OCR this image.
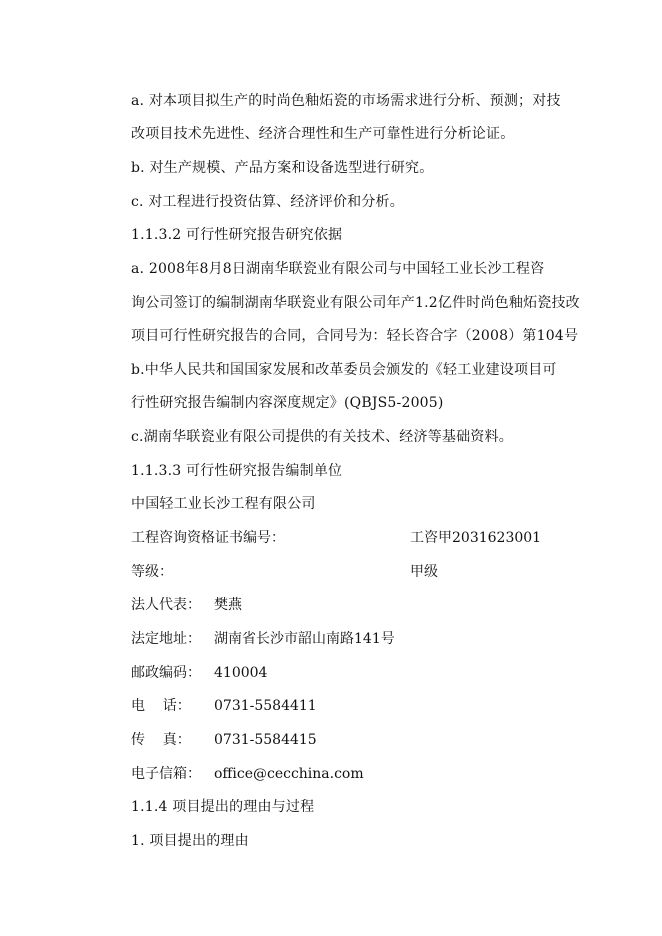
a. 对本项目拟生产的时尚色釉炻瓷的市场需求进行分析、预测；对技
改项目技术先进性、经济合理性和生产可靠性进行分析论证。
b. 对生产规模、产品方案和设备选型进行研究。
c. 对工程进行投资估算、经济评价和分析。
1.1.3.2 可行性研究报告研究依据
a. 2008年8月8日湖南华联瓷业有限公司与中国轻工业长沙工程咨
询公司签订的编制湖南华联瓷业有限公司年产1.2亿件时尚色釉炻瓷技改
项目可行性研究报告的合同，合同号为：轻长咨合字（2008）第104号
b.中华人民共和国国家发展和改革委员会颁发的《轻工业建设项目可
行性研究报告编制内容深度规定》(QBJS5-2005)
c.湖南华联瓷业有限公司提供的有关技术、经济等基础资料。
1.1.3.3 可行性研究报告编制单位
中国轻工业长沙工程有限公司
工程咨询资格证书编号：	工咨甲2031623001
等级：	甲级
法人代表： 樊燕
法定地址： 湖南省长沙市韶山南路141号
邮政编码： 410004
电    话： 0731-5584411
传    真： 0731-5584415
电子信箱： office@cecchina.com
1.1.4 项目提出的理由与过程
1. 项目提出的理由
